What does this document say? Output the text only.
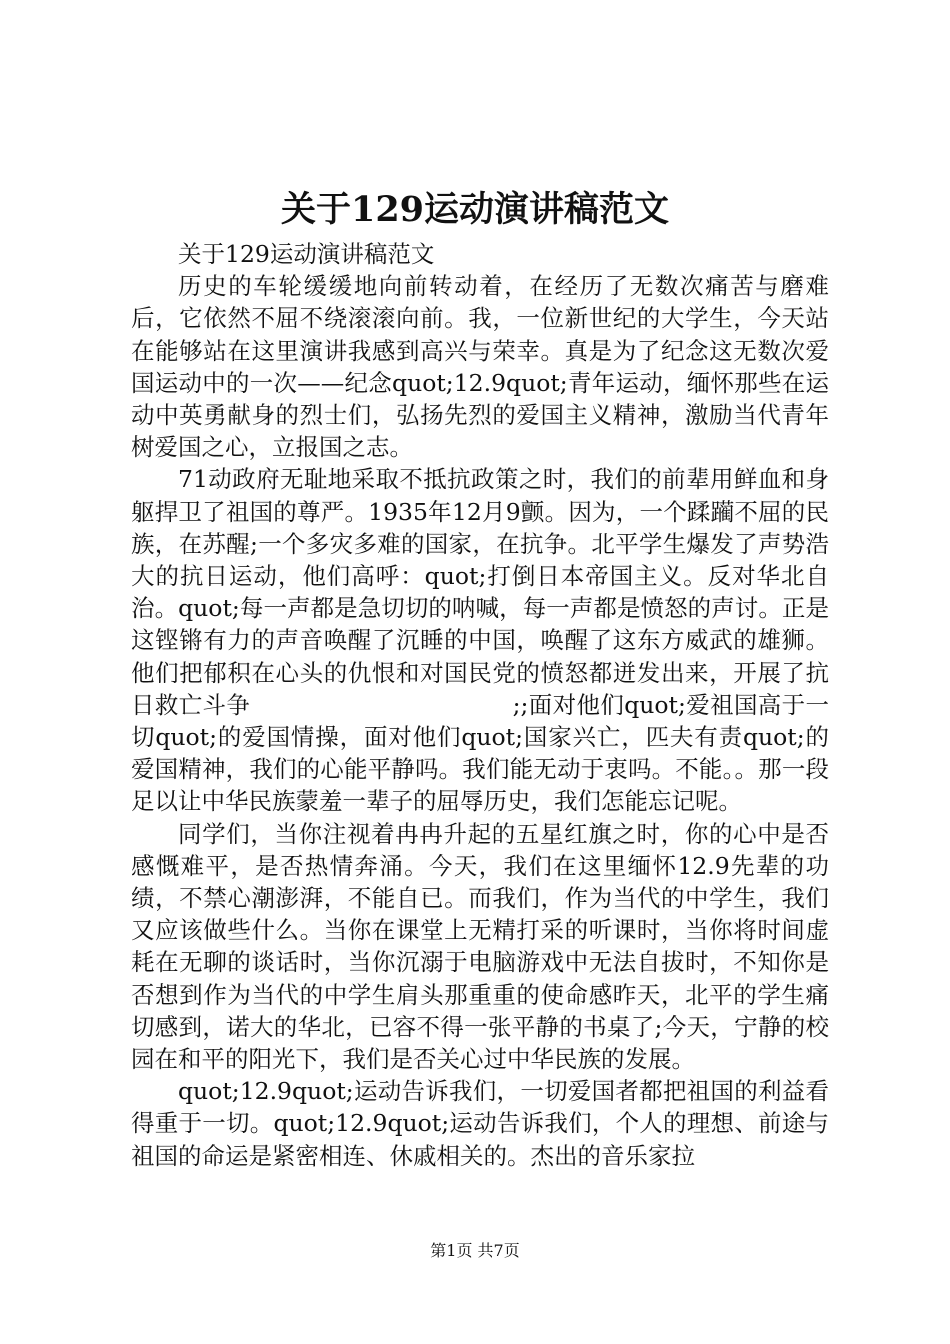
关于129运动演讲稿范文

关于129运动演讲稿范文

历史的车轮缓缓地向前转动着，在经历了无数次痛苦与磨难后，它依然不屈不绕滚滚向前。我，一位新世纪的大学生，今天站在能够站在这里演讲我感到高兴与荣幸。真是为了纪念这无数次爱国运动中的一次——纪念quot;12.9quot;青年运动，缅怀那些在运动中英勇献身的烈士们，弘扬先烈的爱国主义精神，激励当代青年树爱国之心，立报国之志。

71动政府无耻地采取不抵抗政策之时，我们的前辈用鲜血和身躯捍卫了祖国的尊严。1935年12月9颤。因为，一个蹂躏不屈的民族，在苏醒;一个多灾多难的国家，在抗争。北平学生爆发了声势浩大的抗日运动，他们高呼：quot;打倒日本帝国主义。反对华北自治。quot;每一声都是急切切的呐喊，每一声都是愤怒的声讨。正是这铿锵有力的声音唤醒了沉睡的中国，唤醒了这东方威武的雄狮。他们把郁积在心头的仇恨和对国民党的愤怒都迸发出来，开展了抗日救亡斗争　　　　　　　　　　　;;面对他们quot;爱祖国高于一切quot;的爱国情操，面对他们quot;国家兴亡，匹夫有责quot;的爱国精神，我们的心能平静吗。我们能无动于衷吗。不能。。那一段足以让中华民族蒙羞一辈子的屈辱历史，我们怎能忘记呢。

同学们，当你注视着冉冉升起的五星红旗之时，你的心中是否感慨难平，是否热情奔涌。今天，我们在这里缅怀12.9先辈的功绩，不禁心潮澎湃，不能自已。而我们，作为当代的中学生，我们又应该做些什么。当你在课堂上无精打采的听课时，当你将时间虚耗在无聊的谈话时，当你沉溺于电脑游戏中无法自拔时，不知你是否想到作为当代的中学生肩头那重重的使命感昨天，北平的学生痛切感到，诺大的华北，已容不得一张平静的书桌了;今天，宁静的校园在和平的阳光下，我们是否关心过中华民族的发展。

quot;12.9quot;运动告诉我们，一切爱国者都把祖国的利益看得重于一切。quot;12.9quot;运动告诉我们，个人的理想、前途与祖国的命运是紧密相连、休戚相关的。杰出的音乐家拉

第1页 共7页
